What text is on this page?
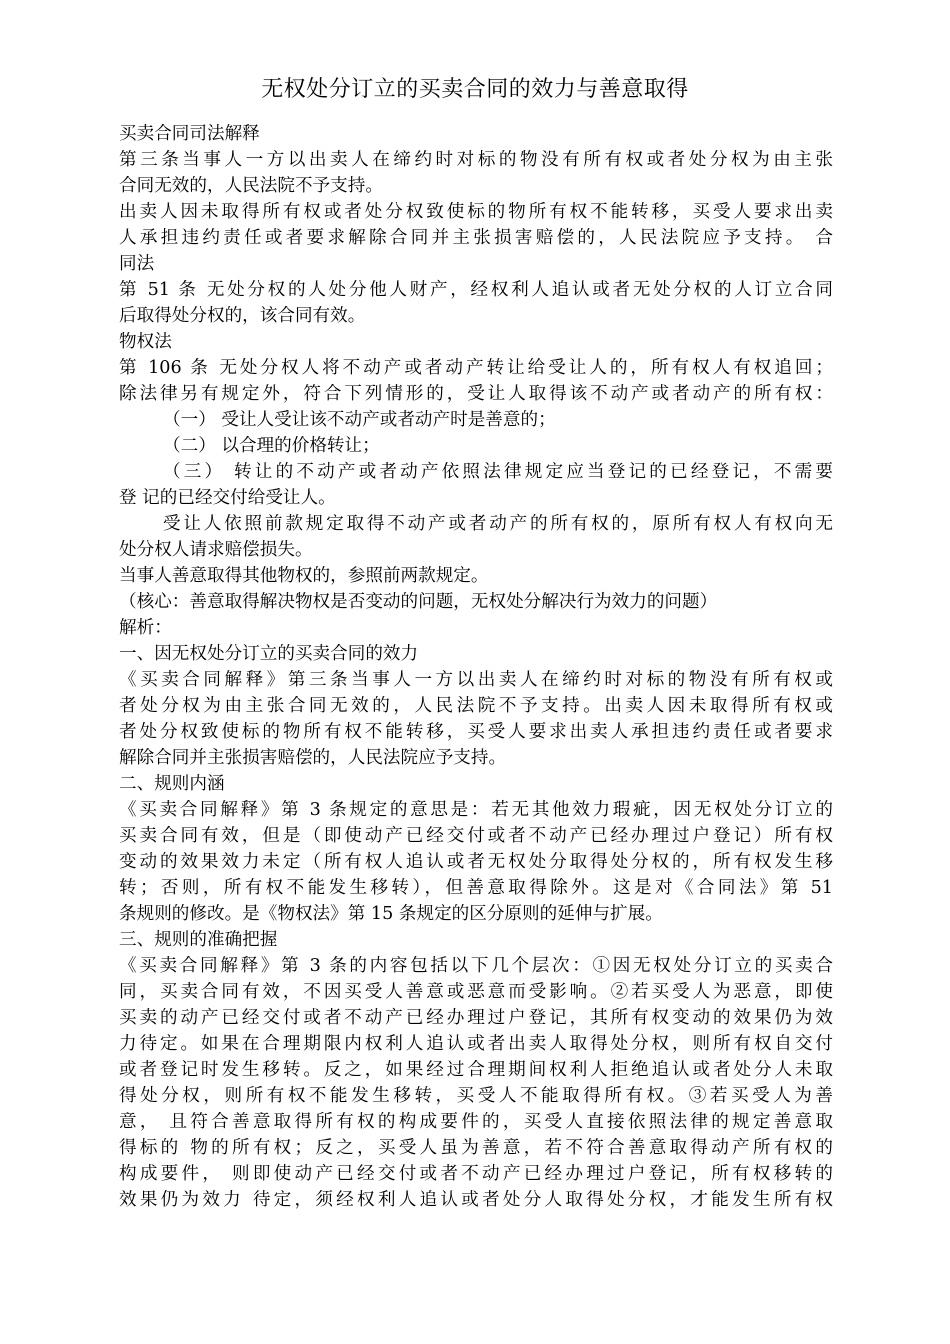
无权处分订立的买卖合同的效力与善意取得
买卖合同司法解释
第三条当事人一方以出卖人在缔约时对标的物没有所有权或者处分权为由主张
合同无效的，人民法院不予支持。
出卖人因未取得所有权或者处分权致使标的物所有权不能转移，买受人要求出卖
人承担违约责任或者要求解除合同并主张损害赔偿的，人民法院应予支持。 合
同法
第 51 条 无处分权的人处分他人财产，经权利人追认或者无处分权的人订立合同
后取得处分权的，该合同有效。
物权法
第 106 条 无处分权人将不动产或者动产转让给受让人的，所有权人有权追回；
除法律另有规定外，符合下列情形的，受让人取得该不动产或者动产的所有权：
（一） 受让人受让该不动产或者动产时是善意的；
（二） 以合理的价格转让；
（三） 转让的不动产或者动产依照法律规定应当登记的已经登记，不需要
登 记的已经交付给受让人。
受让人依照前款规定取得不动产或者动产的所有权的，原所有权人有权向无
处分权人请求赔偿损失。
当事人善意取得其他物权的，参照前两款规定。
（核心：善意取得解决物权是否变动的问题，无权处分解决行为效力的问题）
解析：
一、因无权处分订立的买卖合同的效力
《买卖合同解释》第三条当事人一方以出卖人在缔约时对标的物没有所有权或
者处分权为由主张合同无效的，人民法院不予支持。出卖人因未取得所有权或
者处分权致使标的物所有权不能转移，买受人要求出卖人承担违约责任或者要求
解除合同并主张损害赔偿的，人民法院应予支持。
二、规则内涵
《买卖合同解释》第 3 条规定的意思是：若无其他效力瑕疵，因无权处分订立的
买卖合同有效，但是（即使动产已经交付或者不动产已经办理过户登记）所有权
变动的效果效力未定（所有权人追认或者无权处分取得处分权的，所有权发生移
转；否则，所有权不能发生移转），但善意取得除外。这是对《合同法》第 51
条规则的修改。是《物权法》第 15 条规定的区分原则的延伸与扩展。
三、规则的准确把握
《买卖合同解释》第 3 条的内容包括以下几个层次：①因无权处分订立的买卖合
同，买卖合同有效，不因买受人善意或恶意而受影响。②若买受人为恶意，即使
买卖的动产已经交付或者不动产已经办理过户登记，其所有权变动的效果仍为效
力待定。如果在合理期限内权利人追认或者出卖人取得处分权，则所有权自交付
或者登记时发生移转。反之，如果经过合理期间权利人拒绝追认或者处分人未取
得处分权，则所有权不能发生移转，买受人不能取得所有权。③若买受人为善
意， 且符合善意取得所有权的构成要件的，买受人直接依照法律的规定善意取
得标的 物的所有权；反之，买受人虽为善意，若不符合善意取得动产所有权的
构成要件， 则即使动产已经交付或者不动产已经办理过户登记，所有权移转的
效果仍为效力 待定，须经权利人追认或者处分人取得处分权，才能发生所有权
